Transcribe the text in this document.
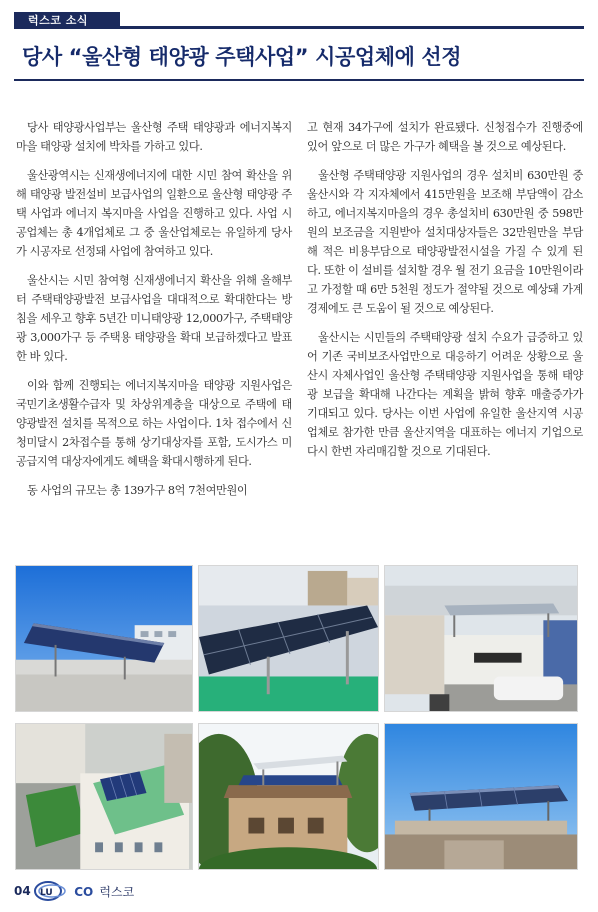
럭스코 소식
당사 “울산형 태양광 주택사업” 시공업체에 선정

당사 태양광사업부는 울산형 주택 태양광과 에너지복지마을 태양광 설치에 박차를 가하고 있다.

울산광역시는 신재생에너지에 대한 시민 참여 확산을 위해 태양광 발전설비 보급사업의 일환으로 울산형 태양광 주택 사업과 에너지 복지마을 사업을 진행하고 있다. 사업 시공업체는 총 4개업체로 그 중 울산업체로는 유일하게 당사가 시공자로 선정돼 사업에 참여하고 있다.

울산시는 시민 참여형 신재생에너지 확산을 위해 올해부터 주택태양광발전 보급사업을 대대적으로 확대한다는 방침을 세우고 향후 5년간 미니태양광 12,000가구, 주택태양광 3,000가구 등 주택용 태양광을 확대 보급하겠다고 발표한 바 있다.

이와 함께 진행되는 에너지복지마을 태양광 지원사업은 국민기초생활수급자 및 차상위계층을 대상으로 주택에 태양광발전 설치를 목적으로 하는 사업이다. 1차 접수에서 신청미달시 2차접수를 통해 상기대상자를 포함, 도시가스 미공급지역 대상자에게도 혜택을 확대시행하게 된다.

동 사업의 규모는 총 139가구 8억 7천여만원이

고 현재 34가구에 설치가 완료됐다. 신청접수가 진행중에 있어 앞으로 더 많은 가구가 혜택을 볼 것으로 예상된다.

울산형 주택태양광 지원사업의 경우 설치비 630만원 중 울산시와 각 지자체에서 415만원을 보조해 부담액이 감소하고, 에너지복지마을의 경우 총설치비 630만원 중 598만원의 보조금을 지원받아 설치대상자들은 32만원만을 부담해 적은 비용부담으로 태양광발전시설을 가질 수 있게 된다. 또한 이 설비를 설치할 경우 월 전기 요금을 10만원이라고 가정할 때 6만 5천원 정도가 절약될 것으로 예상돼 가계경제에도 큰 도움이 될 것으로 예상된다.

울산시는 시민들의 주택태양광 설치 수요가 급증하고 있어 기존 국비보조사업만으로 대응하기 어려운 상황으로 울산시 자체사업인 울산형 주택태양광 지원사업을 통해 태양광 보급을 확대해 나간다는 계획을 밝혀 향후 매출증가가 기대되고 있다. 당사는 이번 사업에 유일한 울산지역 시공업체로 참가한 만큼 울산지역을 대표하는 에너지 기업으로 다시 한번 자리매김할 것으로 기대된다.

04 LU	CO 럭스코
